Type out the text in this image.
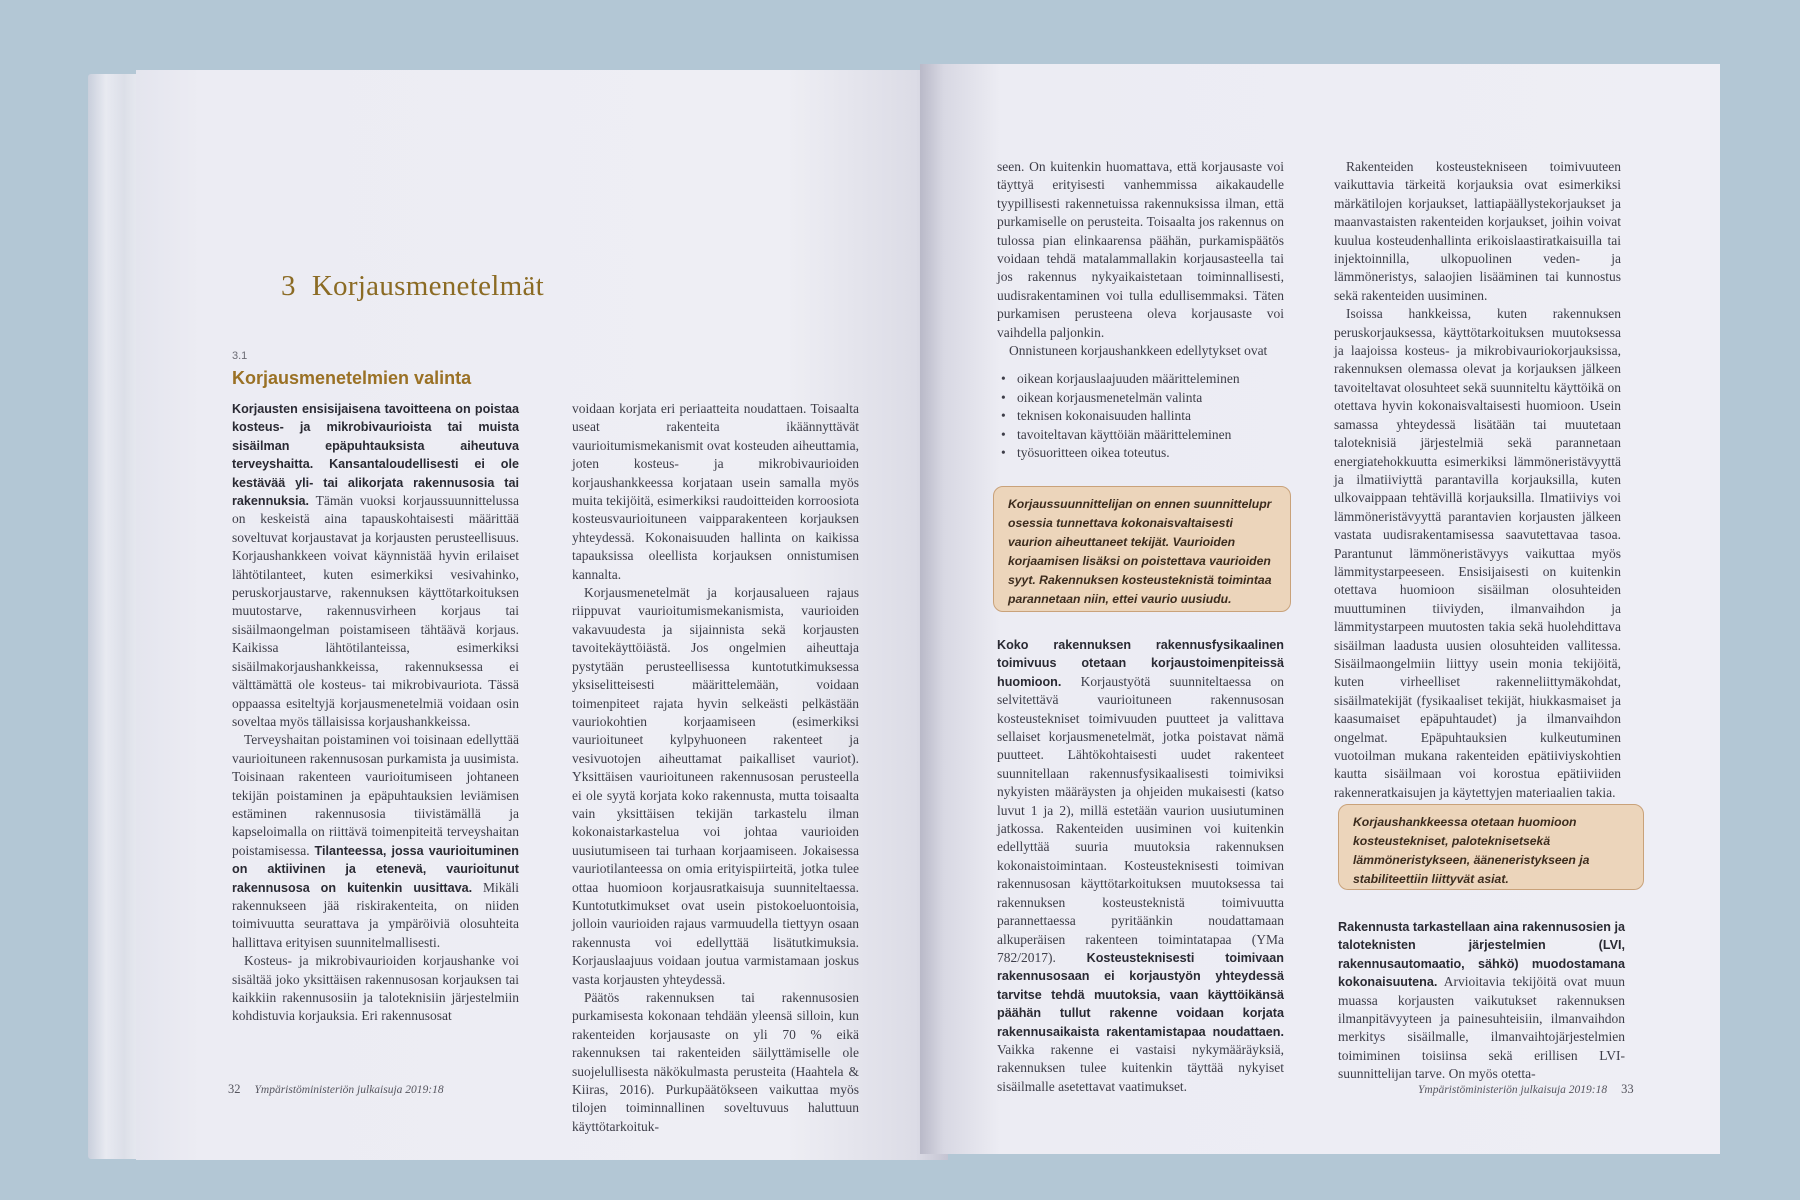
3 Korjausmenetelmät
3.1
Korjausmenetelmien valinta

Korjausten ensisijaisena tavoitteena on poistaa kosteus- ja mikrobivaurioista tai muista sisäilman epäpuhtauksista aiheutuva terveyshaitta. Kansantaloudellisesti ei ole kestävää yli- tai alikorjata rakennusosia tai rakennuksia. Tämän vuoksi korjaussuunnittelussa on keskeistä aina tapauskohtaisesti määrittää soveltuvat korjaustavat ja korjausten perusteellisuus. Korjaushankkeen voivat käynnistää hyvin erilaiset lähtötilanteet, kuten esimerkiksi vesivahinko, peruskorjaustarve, rakennuksen käyttötarkoituksen muutostarve, rakennusvirheen korjaus tai sisäilmaongelman poistamiseen tähtäävä korjaus. Kaikissa lähtötilanteissa, esimerkiksi sisäilmakorjaushankkeissa, rakennuksessa ei välttämättä ole kosteus- tai mikrobivauriota. Tässä oppaassa esiteltyjä korjausmenetelmiä voidaan osin soveltaa myös tällaisissa korjaushankkeissa.

Terveyshaitan poistaminen voi toisinaan edellyttää vaurioituneen rakennusosan purkamista ja uusimista. Toisinaan rakenteen vaurioitumiseen johtaneen tekijän poistaminen ja epäpuhtauksien leviämisen estäminen rakennusosia tiivistämällä ja kapseloimalla on riittävä toimenpiteitä terveyshaitan poistamisessa. Tilanteessa, jossa vaurioituminen on aktiivinen ja etenevä, vaurioitunut rakennusosa on kuitenkin uusittava. Mikäli rakennukseen jää riskirakenteita, on niiden toimivuutta seurattava ja ympäröiviä olosuhteita hallittava erityisen suunnitelmallisesti.

Kosteus- ja mikrobivaurioiden korjaushanke voi sisältää joko yksittäisen rakennusosan korjauksen tai kaikkiin rakennusosiin ja taloteknisiin järjestelmiin kohdistuvia korjauksia. Eri rakennusosat

voidaan korjata eri periaatteita noudattaen. Toisaalta useat rakenteita ikäännyttävät vaurioitumismekanismit ovat kosteuden aiheuttamia, joten kosteus- ja mikrobivaurioiden korjaushankkeessa korjataan usein samalla myös muita tekijöitä, esimerkiksi raudoitteiden korroosiota kosteusvaurioituneen vaipparakenteen korjauksen yhteydessä. Kokonaisuuden hallinta on kaikissa tapauksissa oleellista korjauksen onnistumisen kannalta.

Korjausmenetelmät ja korjausalueen rajaus riippuvat vaurioitumismekanismista, vaurioiden vakavuudesta ja sijainnista sekä korjausten tavoitekäyttöiästä. Jos ongelmien aiheuttaja pystytään perusteellisessa kuntotutkimuksessa yksiselitteisesti määrittelemään, voidaan toimenpiteet rajata hyvin selkeästi pelkästään vauriokohtien korjaamiseen (esimerkiksi vaurioituneet kylpyhuoneen rakenteet ja vesivuotojen aiheuttamat paikalliset vauriot). Yksittäisen vaurioituneen rakennusosan perusteella ei ole syytä korjata koko rakennusta, mutta toisaalta vain yksittäisen tekijän tarkastelu ilman kokonaistarkastelua voi johtaa vaurioiden uusiutumiseen tai turhaan korjaamiseen. Jokaisessa vauriotilanteessa on omia erityispiirteitä, jotka tulee ottaa huomioon korjausratkaisuja suunniteltaessa. Kuntotutkimukset ovat usein pistokoeluontoisia, jolloin vaurioiden rajaus varmuudella tiettyyn osaan rakennusta voi edellyttää lisätutkimuksia. Korjauslaajuus voidaan joutua varmistamaan joskus vasta korjausten yhteydessä.

Päätös rakennuksen tai rakennusosien purkamisesta kokonaan tehdään yleensä silloin, kun rakenteiden korjausaste on yli 70 % eikä rakennuksen tai rakenteiden säilyttämiselle ole suojelullisesta näkökulmasta perusteita (Haahtela & Kiiras, 2016). Purkupäätökseen vaikuttaa myös tilojen toiminnallinen soveltuvuus haluttuun käyttötarkoituk-

seen. On kuitenkin huomattava, että korjausaste voi täyttyä erityisesti vanhemmissa aikakaudelle tyypillisesti rakennetuissa rakennuksissa ilman, että purkamiselle on perusteita. Toisaalta jos rakennus on tulossa pian elinkaarensa päähän, purkamispäätös voidaan tehdä matalammallakin korjausasteella tai jos rakennus nykyaikaistetaan toiminnallisesti, uudisrakentaminen voi tulla edullisemmaksi. Täten purkamisen perusteena oleva korjausaste voi vaihdella paljonkin.

Onnistuneen korjaushankkeen edellytykset ovat

• oikean korjauslaajuuden määritteleminen
• oikean korjausmenetelmän valinta
• teknisen kokonaisuuden hallinta
• tavoiteltavan käyttöiän määritteleminen
• työsuoritteen oikea toteutus.
Korjaussuunnittelijan on ennen suunnittelupr osessia tunnettava kokonaisvaltaisesti vaurion aiheuttaneet tekijät. Vaurioiden korjaamisen lisäksi on poistettava vaurioiden syyt. Rakennuksen kosteusteknistä toimintaa parannetaan niin, ettei vaurio uusiudu.

Koko rakennuksen rakennusfysikaalinen toimivuus otetaan korjaustoimenpiteissä huomioon. Korjaustyötä suunniteltaessa on selvitettävä vaurioituneen rakennusosan kosteustekniset toimivuuden puutteet ja valittava sellaiset korjausmenetelmät, jotka poistavat nämä puutteet. Lähtökohtaisesti uudet rakenteet suunnitellaan rakennusfysikaalisesti toimiviksi nykyisten määräysten ja ohjeiden mukaisesti (katso luvut 1 ja 2), millä estetään vaurion uusiutuminen jatkossa. Rakenteiden uusiminen voi kuitenkin edellyttää suuria muutoksia rakennuksen kokonaistoimintaan. Kosteusteknisesti toimivan rakennusosan käyttötarkoituksen muutoksessa tai rakennuksen kosteusteknistä toimivuutta parannettaessa pyritäänkin noudattamaan alkuperäisen rakenteen toimintatapaa (YMa 782/2017). Kosteusteknisesti toimivaan rakennusosaan ei korjaustyön yhteydessä tarvitse tehdä muutoksia, vaan käyttöikänsä päähän tullut rakenne voidaan korjata rakennusaikaista rakentamistapaa noudattaen. Vaikka rakenne ei vastaisi nykymääräyksiä, rakennuksen tulee kuitenkin täyttää nykyiset sisäilmalle asetettavat vaatimukset.

Rakenteiden kosteustekniseen toimivuuteen vaikuttavia tärkeitä korjauksia ovat esimerkiksi märkätilojen korjaukset, lattiapäällystekorjaukset ja maanvastaisten rakenteiden korjaukset, joihin voivat kuulua kosteudenhallinta erikoislaastiratkaisuilla tai injektoinnilla, ulkopuolinen veden- ja lämmöneristys, salaojien lisääminen tai kunnostus sekä rakenteiden uusiminen.

Isoissa hankkeissa, kuten rakennuksen peruskorjauksessa, käyttötarkoituksen muutoksessa ja laajoissa kosteus- ja mikrobivauriokorjauksissa, rakennuksen olemassa olevat ja korjauksen jälkeen tavoiteltavat olosuhteet sekä suunniteltu käyttöikä on otettava hyvin kokonaisvaltaisesti huomioon. Usein samassa yhteydessä lisätään tai muutetaan taloteknisiä järjestelmiä sekä parannetaan energiatehokkuutta esimerkiksi lämmöneristävyyttä ja ilmatiiviyttä parantavilla korjauksilla, kuten ulkovaippaan tehtävillä korjauksilla. Ilmatiiviys voi lämmöneristävyyttä parantavien korjausten jälkeen vastata uudisrakentamisessa saavutettavaa tasoa. Parantunut lämmöneristävyys vaikuttaa myös lämmitystarpeeseen. Ensisijaisesti on kuitenkin otettava huomioon sisäilman olosuhteiden muuttuminen tiiviyden, ilmanvaihdon ja lämmitystarpeen muutosten takia sekä huolehdittava sisäilman laadusta uusien olosuhteiden vallitessa. Sisäilmaongelmiin liittyy usein monia tekijöitä, kuten virheelliset rakenneliittymäkohdat, sisäilmatekijät (fysikaaliset tekijät, hiukkasmaiset ja kaasumaiset epäpuhtaudet) ja ilmanvaihdon ongelmat. Epäpuhtauksien kulkeutuminen vuotoilman mukana rakenteiden epätiiviyskohtien kautta sisäilmaan voi korostua epätiiviiden rakenneratkaisujen ja käytettyjen materiaalien takia.

Korjaushankkeessa otetaan huomioon kosteustekniset, paloteknisetsekä lämmöneristykseen, ääneneristykseen ja stabiliteettiin liittyvät asiat.

Rakennusta tarkastellaan aina rakennusosien ja taloteknisten järjestelmien (LVI, rakennusautomaatio, sähkö) muodostamana kokonaisuutena. Arvioitavia tekijöitä ovat muun muassa korjausten vaikutukset rakennuksen ilmanpitävyyteen ja painesuhteisiin, ilmanvaihdon merkitys sisäilmalle, ilmanvaihtojärjestelmien toimiminen toisiinsa sekä erillisen LVI-suunnittelijan tarve. On myös otetta-

32 Ympäristöministeriön julkaisuja 2019:18	Ympäristöministeriön julkaisuja 2019:18 33
